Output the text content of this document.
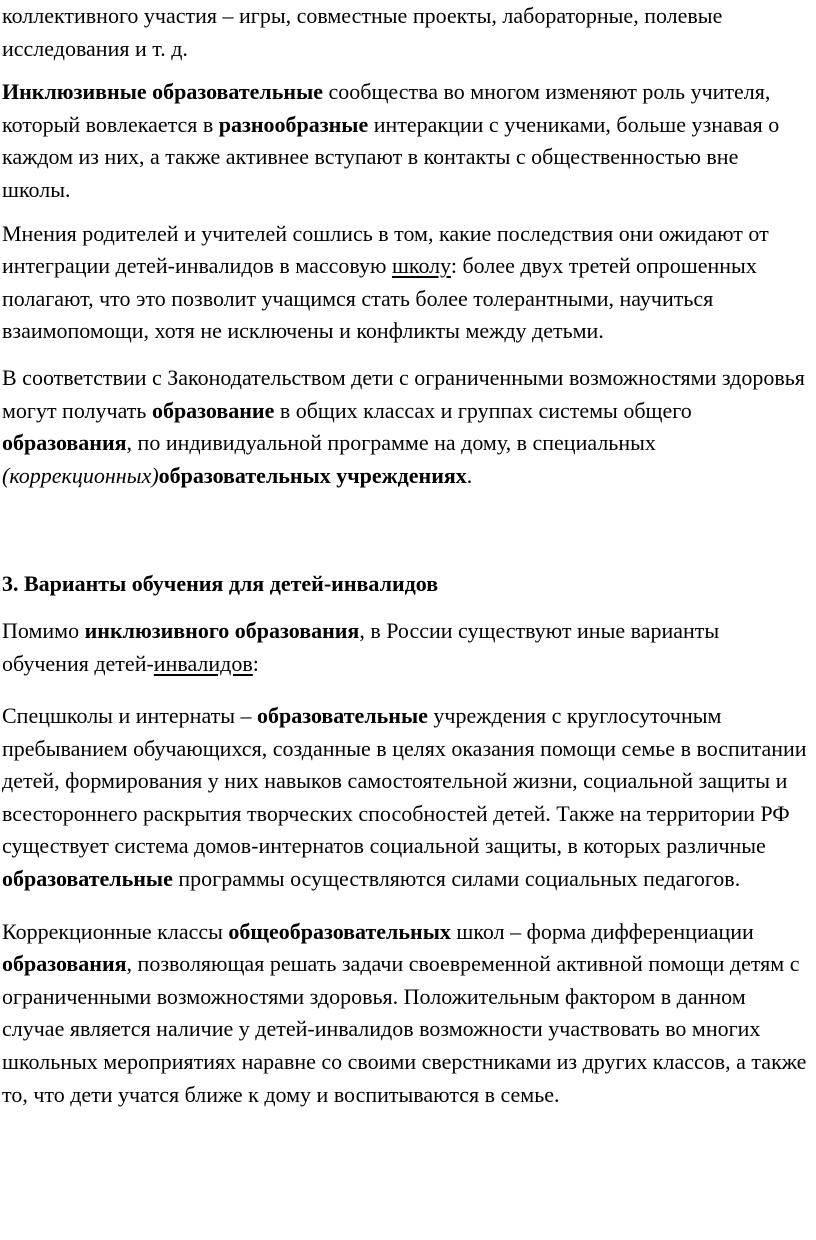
коллективного участия – игры, совместные проекты, лабораторные, полевые исследования и т. д.

Инклюзивные образовательные сообщества во многом изменяют роль учителя, который вовлекается в разнообразные интеракции с учениками, больше узнавая о каждом из них, а также активнее вступают в контакты с общественностью вне школы.

Мнения родителей и учителей сошлись в том, какие последствия они ожидают от интеграции детей-инвалидов в массовую школу: более двух третей опрошенных полагают, что это позволит учащимся стать более толерантными, научиться взаимопомощи, хотя не исключены и конфликты между детьми.

В соответствии с Законодательством дети с ограниченными возможностями здоровья могут получать образование в общих классах и группах системы общего образования, по индивидуальной программе на дому, в специальных (коррекционных)образовательных учреждениях.

3. Варианты обучения для детей-инвалидов

Помимо инклюзивного образования, в России существуют иные варианты обучения детей-инвалидов:

Спецшколы и интернаты – образовательные учреждения с круглосуточным пребыванием обучающихся, созданные в целях оказания помощи семье в воспитании детей, формирования у них навыков самостоятельной жизни, социальной защиты и всестороннего раскрытия творческих способностей детей. Также на территории РФ существует система домов-интернатов социальной защиты, в которых различные образовательные программы осуществляются силами социальных педагогов.

Коррекционные классы общеобразовательных школ – форма дифференциации образования, позволяющая решать задачи своевременной активной помощи детям с ограниченными возможностями здоровья. Положительным фактором в данном случае является наличие у детей-инвалидов возможности участвовать во многих школьных мероприятиях наравне со своими сверстниками из других классов, а также то, что дети учатся ближе к дому и воспитываются в семье.
